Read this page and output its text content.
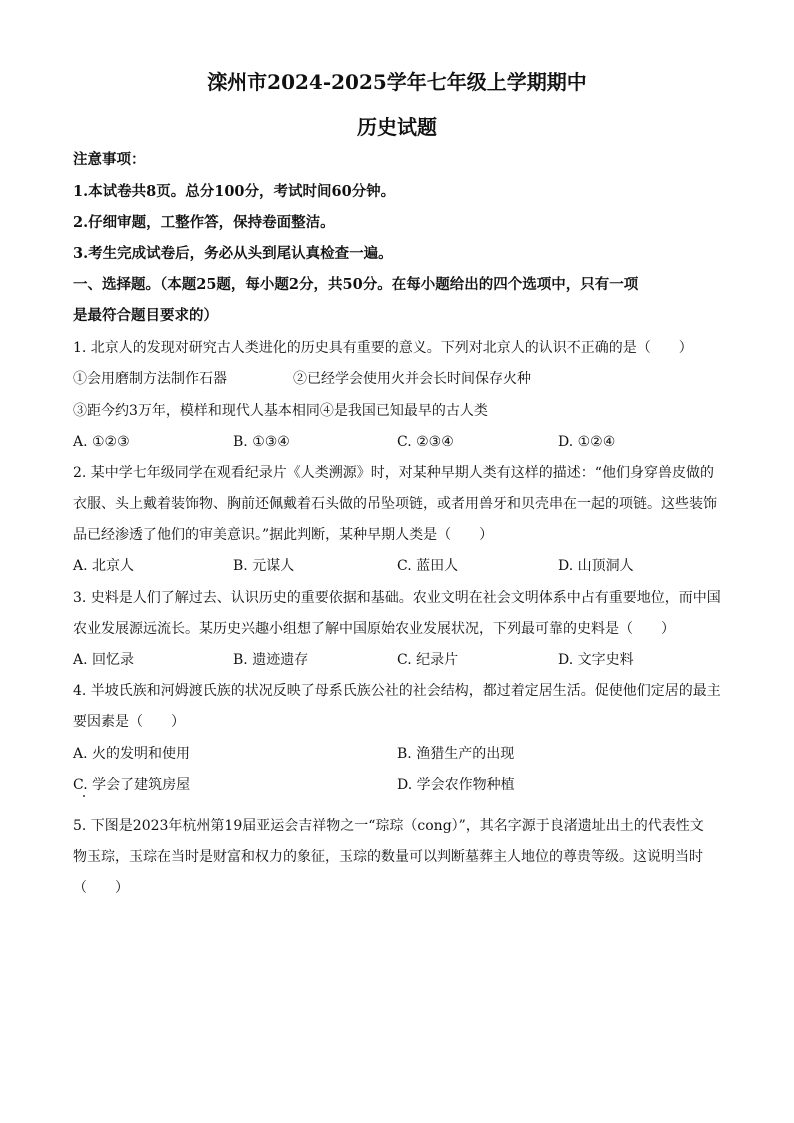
滦州市2024-2025学年七年级上学期期中
历史试题
注意事项：
1.本试卷共8页。总分100分，考试时间60分钟。
2.仔细审题，工整作答，保持卷面整洁。
3.考生完成试卷后，务必从头到尾认真检查一遍。
一、选择题。（本题25题，每小题2分，共50分。在每小题给出的四个选项中，只有一项
是最符合题目要求的）
1. 北京人的发现对研究古人类进化的历史具有重要的意义。下列对北京人的认识不正确的是（　　）
①会用磨制方法制作石器	②已经学会使用火并会长时间保存火种
③距今约3万年，模样和现代人基本相同④是我国已知最早的古人类
A. ①②③	B. ①③④	C. ②③④	D. ①②④
2. 某中学七年级同学在观看纪录片《人类溯源》时，对某种早期人类有这样的描述：“他们身穿兽皮做的
衣服、头上戴着装饰物、胸前还佩戴着石头做的吊坠项链，或者用兽牙和贝壳串在一起的项链。这些装饰
品已经渗透了他们的审美意识。”据此判断，某种早期人类是（　　）
A. 北京人	B. 元谋人	C. 蓝田人	D. 山顶洞人
3. 史料是人们了解过去、认识历史的重要依据和基础。农业文明在社会文明体系中占有重要地位，而中国
农业发展源远流长。某历史兴趣小组想了解中国原始农业发展状况，下列最可靠的史料是（　　）
A. 回忆录	B. 遗迹遗存	C. 纪录片	D. 文字史料
4. 半坡氏族和河姆渡氏族的状况反映了母系氏族公社的社会结构，都过着定居生活。促使他们定居的最主
要因素是（　　）
A. 火的发明和使用	B. 渔猎生产的出现
C. 学会了建筑房屋	D. 学会农作物种植
5. 下图是2023年杭州第19届亚运会吉祥物之一“琮琮（cong）”，其名字源于良渚遗址出土的代表性文
物玉琮，玉琮在当时是财富和权力的象征，玉琮的数量可以判断墓葬主人地位的尊贵等级。这说明当时
（　　）
